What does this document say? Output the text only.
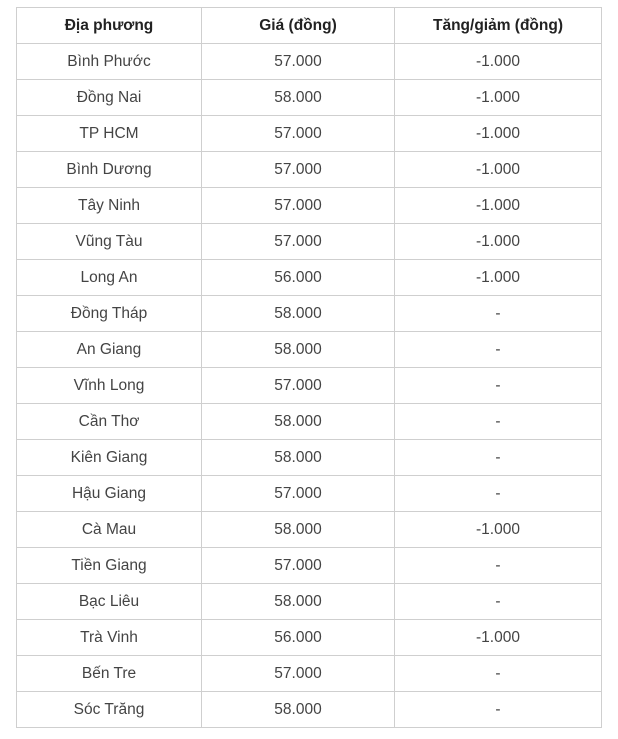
Địa phương	Giá (đồng)	Tăng/giảm (đồng)
Bình Phước	57.000	-1.000
Đồng Nai	58.000	-1.000
TP HCM	57.000	-1.000
Bình Dương	57.000	-1.000
Tây Ninh	57.000	-1.000
Vũng Tàu	57.000	-1.000
Long An	56.000	-1.000
Đồng Tháp	58.000	-
An Giang	58.000	-
Vĩnh Long	57.000	-
Cần Thơ	58.000	-
Kiên Giang	58.000	-
Hậu Giang	57.000	-
Cà Mau	58.000	-1.000
Tiền Giang	57.000	-
Bạc Liêu	58.000	-
Trà Vinh	56.000	-1.000
Bến Tre	57.000	-
Sóc Trăng	58.000	-
